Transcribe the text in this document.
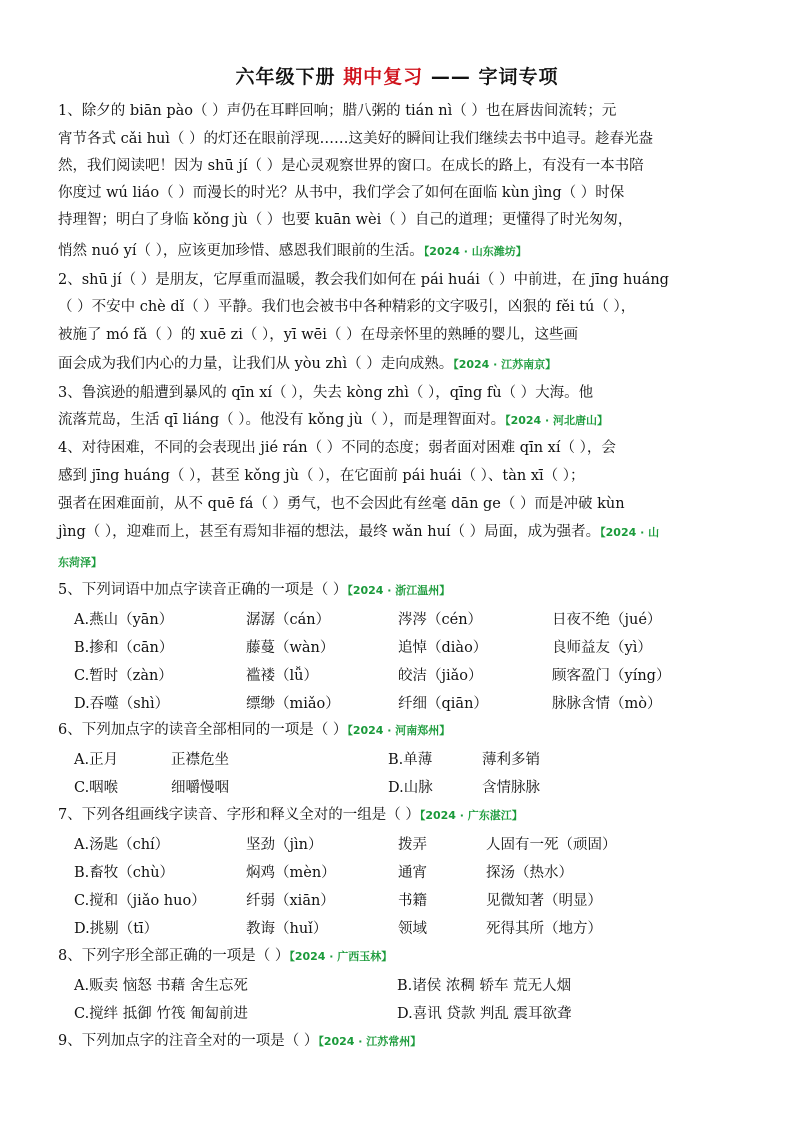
六年级下册 期中复习 —— 字词专项
1、除夕的 biān pào（ ）声仍在耳畔回响；腊八粥的 tián nì（ ）也在唇齿间流转；元
宵节各式 cǎi huì（ ）的灯还在眼前浮现……这美好的瞬间让我们继续去书中追寻。趁春光盎
然，我们阅读吧！因为 shū jí（ ）是心灵观察世界的窗口。在成长的路上，有没有一本书陪
你度过 wú liáo（ ）而漫长的时光？从书中，我们学会了如何在面临 kùn jìng（ ）时保
持理智；明白了身临 kǒng jù（ ）也要 kuān wèi（ ）自己的道理；更懂得了时光匆匆，
悄然 nuó yí（ ），应该更加珍惜、感恩我们眼前的生活。【2024 · 山东潍坊】
2、shū jí（ ）是朋友，它厚重而温暖，教会我们如何在 pái huái（ ）中前进，在 jīng huáng
（ ）不安中 chè dǐ（ ）平静。我们也会被书中各种精彩的文字吸引，凶狠的 fěi tú（ ），
被施了 mó fǎ（ ）的 xuē zi（ ），yī wēi（ ）在母亲怀里的熟睡的婴儿，这些画
面会成为我们内心的力量，让我们从 yòu zhì（ ）走向成熟。【2024 · 江苏南京】
3、鲁滨逊的船遭到暴风的 qīn xí（ ），失去 kòng zhì（ ），qīng fù（ ）大海。他
流落荒岛，生活 qī liáng（ ）。他没有 kǒng jù（ ），而是理智面对。【2024 · 河北唐山】
4、对待困难，不同的会表现出 jié rán（ ）不同的态度；弱者面对困难 qīn xí（ ），会
感到 jīng huáng（ ），甚至 kǒng jù（ ），在它面前 pái huái（ ）、tàn xī（ ）；
强者在困难面前，从不 quē fá（ ）勇气，也不会因此有丝毫 dān ge（ ）而是冲破 kùn
jìng（ ），迎难而上，甚至有焉知非福的想法，最终 wǎn huí（ ）局面，成为强者。【2024 · 山
东菏泽】
5、下列词语中加点字读音正确的一项是（ ）【2024 · 浙江温州】
A.燕山（yān）	潺潺（cán）	涔涔（cén）	日夜不绝（jué）
B.掺和（cān）	藤蔓（wàn）	追悼（diào）	良师益友（yì）
C.暂时（zàn）	褴褛（lǚ）	皎洁（jiǎo）	顾客盈门（yíng）
D.吞噬（shì）	缥缈（miǎo）	纤细（qiān）	脉脉含情（mò）
6、下列加点字的读音全部相同的一项是（ ）【2024 · 河南郑州】
A.正月	正襟危坐	B.单薄	薄利多销
C.咽喉	细嚼慢咽	D.山脉	含情脉脉
7、下列各组画线字读音、字形和释义全对的一组是（ ）【2024 · 广东湛江】
A.汤匙（chí）	坚劲（jìn）	拨弄	人固有一死（顽固）
B.畜牧（chù）	焖鸡（mèn）	通宵	探汤（热水）
C.搅和（jiǎo huo）	纤弱（xiān）	书籍	见微知著（明显）
D.挑剔（tī）	教诲（huǐ）	领域	死得其所（地方）
8、下列字形全部正确的一项是（ ）【2024 · 广西玉林】
A.贩卖 恼怒 书藉 舍生忘死	B.诸侯 浓稠 轿车 荒无人烟
C.搅绊 抵御 竹筏 匍匐前进	D.喜讯 贷款 判乱 震耳欲聋
9、下列加点字的注音全对的一项是（ ）【2024 · 江苏常州】
